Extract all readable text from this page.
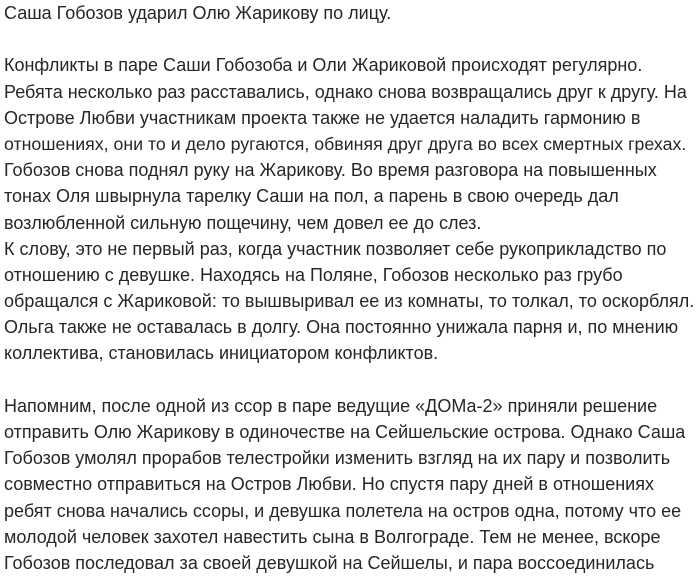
Саша Гобозов ударил Олю Жарикову по лицу.
Конфликты в паре Саши Гобозоба и Оли Жариковой происходят регулярно.
Ребята несколько раз расставались, однако снова возвращались друг к другу. На
Острове Любви участникам проекта также не удается наладить гармонию в
отношениях, они то и дело ругаются, обвиняя друг друга во всех смертных грехах.
Гобозов снова поднял руку на Жарикову. Во время разговора на повышенных
тонах Оля швырнула тарелку Саши на пол, а парень в свою очередь дал
возлюбленной сильную пощечину, чем довел ее до слез.
К слову, это не первый раз, когда участник позволяет себе рукоприкладство по
отношению с девушке. Находясь на Поляне, Гобозов несколько раз грубо
обращался с Жариковой: то вышвыривал ее из комнаты, то толкал, то оскорблял.
Ольга также не оставалась в долгу. Она постоянно унижала парня и, по мнению
коллектива, становилась инициатором конфликтов.
Напомним, после одной из ссор в паре ведущие «ДОМа-2» приняли решение
отправить Олю Жарикову в одиночестве на Сейшельские острова. Однако Саша
Гобозов умолял прорабов телестройки изменить взгляд на их пару и позволить
совместно отправиться на Остров Любви. Но спустя пару дней в отношениях
ребят снова начались ссоры, и девушка полетела на остров одна, потому что ее
молодой человек захотел навестить сына в Волгограде. Тем не менее, вскоре
Гобозов последовал за своей девушкой на Сейшелы, и пара воссоединилась
